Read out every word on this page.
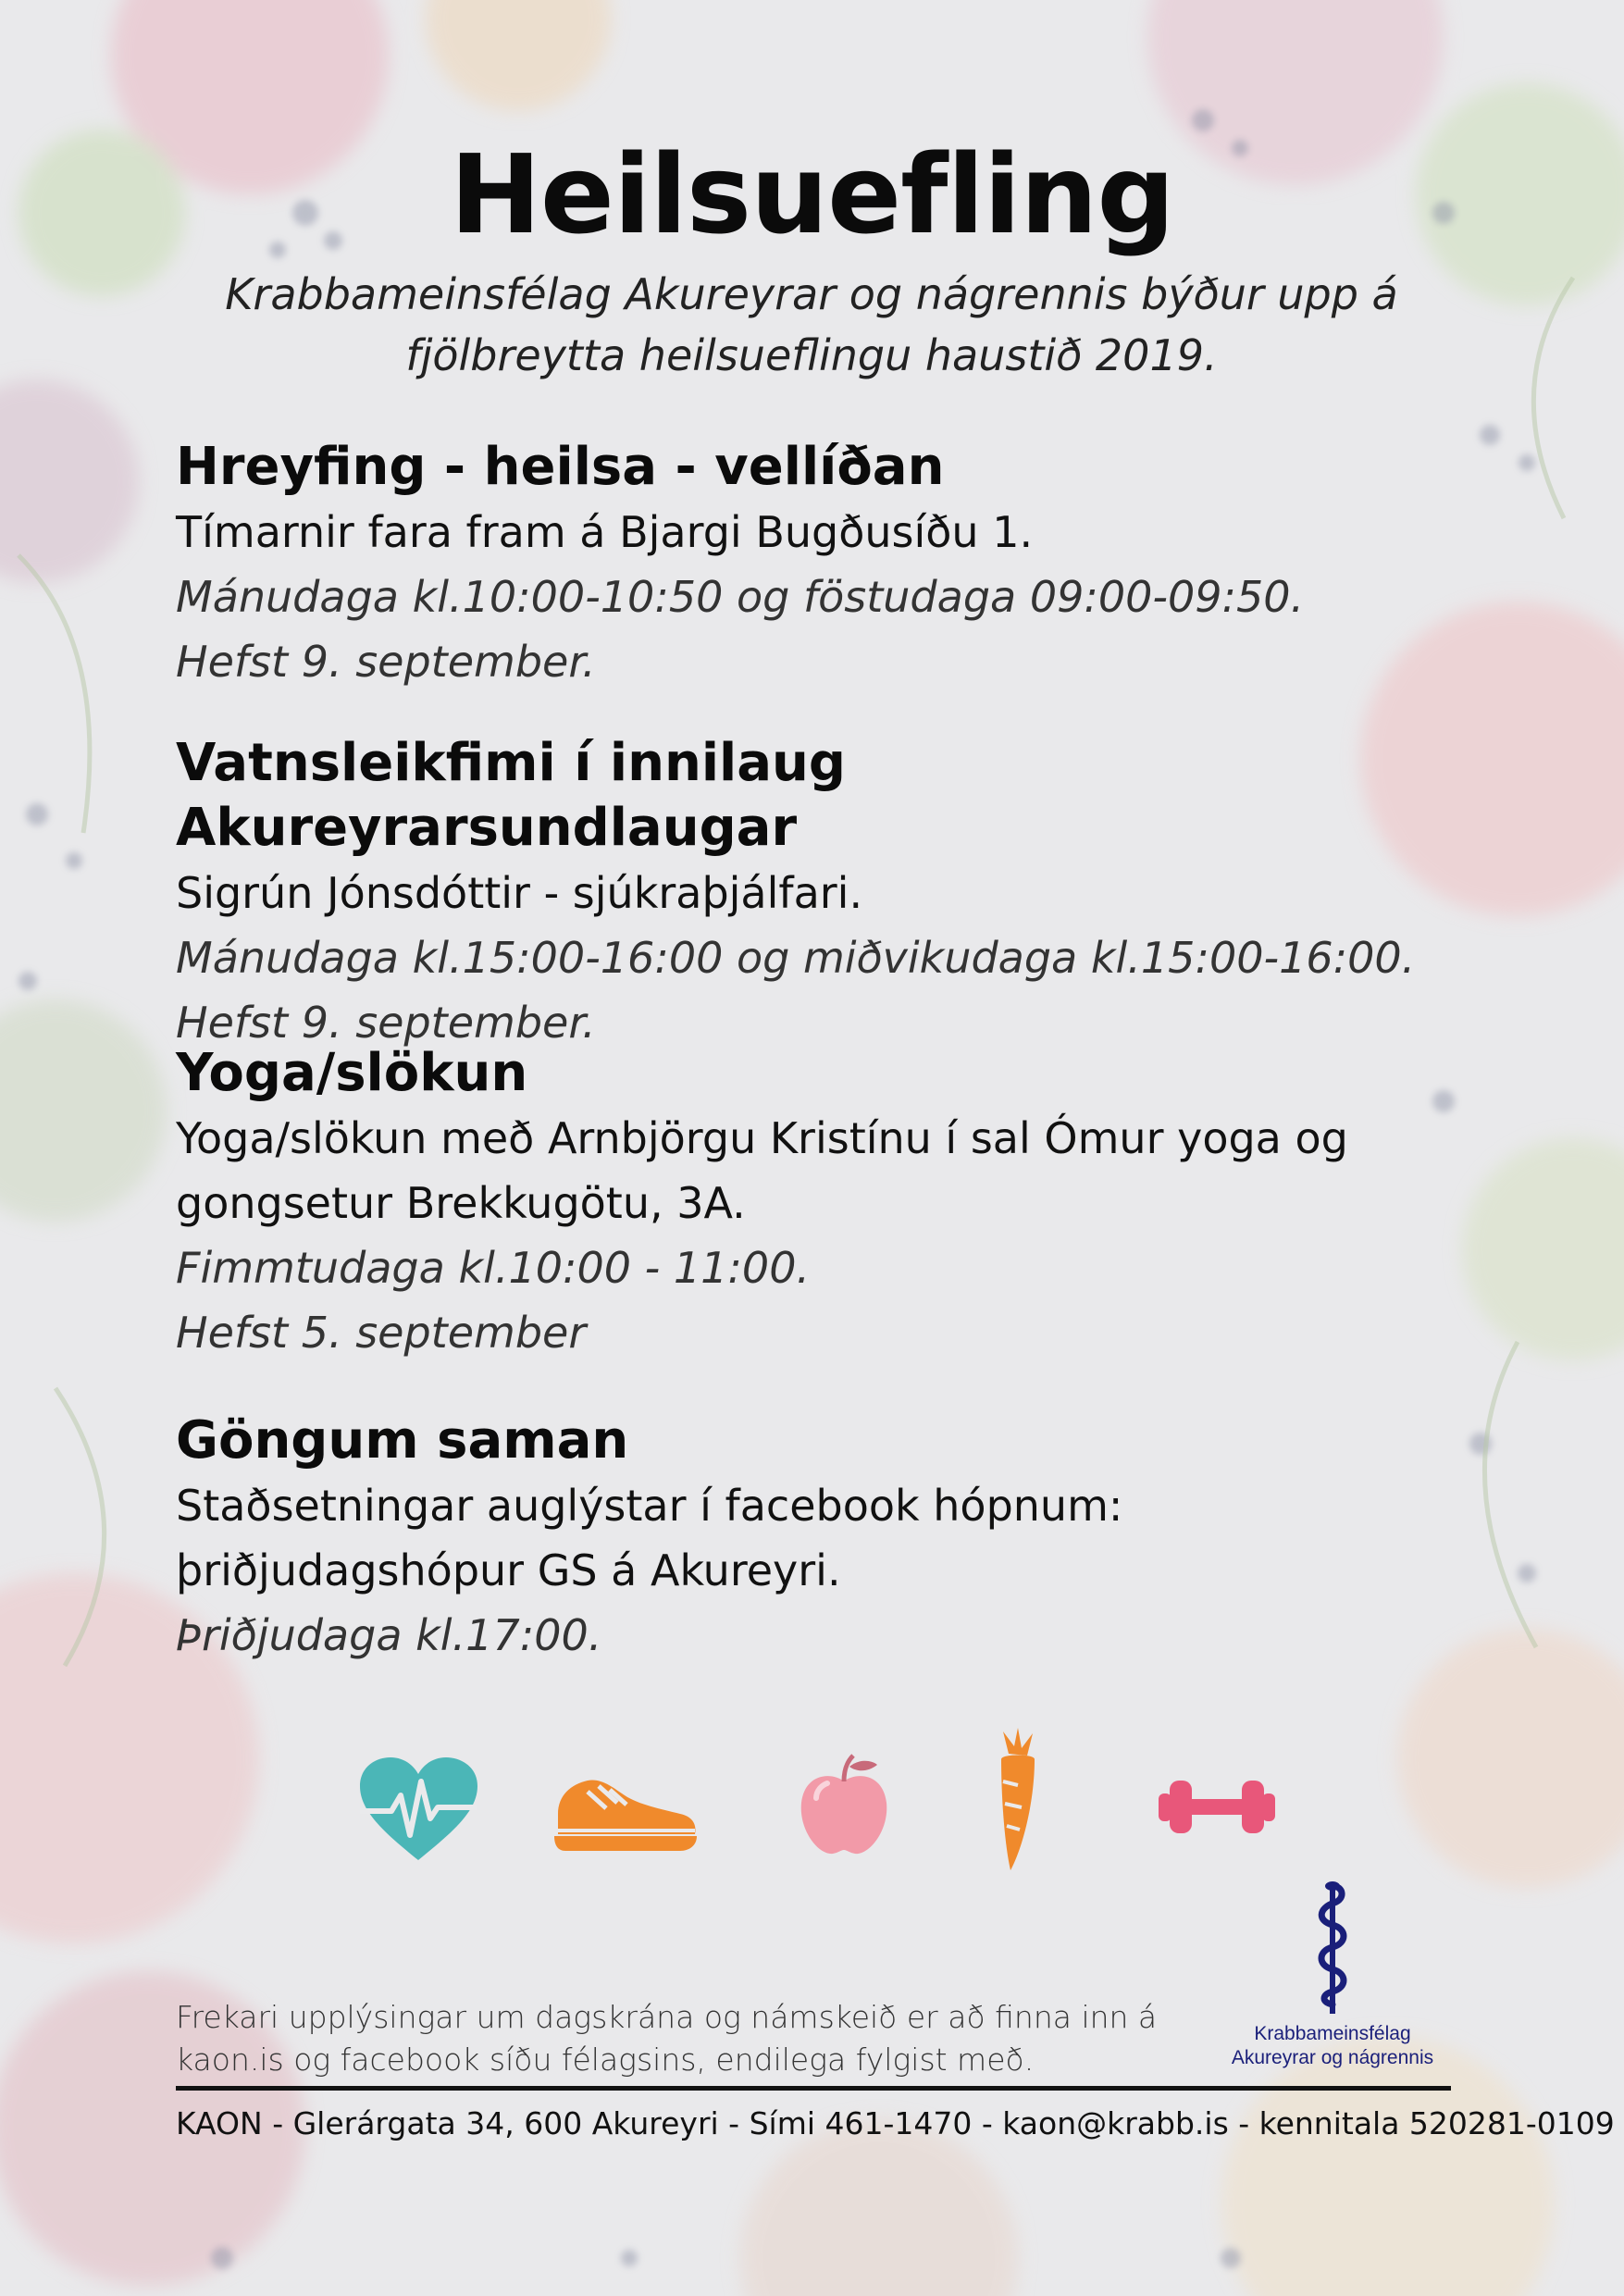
Heilsuefling
Krabbameinsfélag Akureyrar og nágrennis býður upp á fjölbreytta heilsueflingu haustið 2019.
Hreyfing - heilsa - vellíðan
Tímarnir fara fram á Bjargi Bugðusíðu 1.
Mánudaga kl.10:00-10:50 og föstudaga 09:00-09:50.
Hefst 9. september.
Vatnsleikfimi í innilaug Akureyrarsundlaugar
Sigrún Jónsdóttir - sjúkraþjálfari.
Mánudaga kl.15:00-16:00 og miðvikudaga kl.15:00-16:00.
Hefst 9. september.
Yoga/slökun
Yoga/slökun með Arnbjörgu Kristínu í sal Ómur yoga og gongsetur Brekkugötu, 3A.
Fimmtudaga kl.10:00 - 11:00.
Hefst 5. september
Göngum saman
Staðsetningar auglýstar í facebook hópnum: þriðjudagshópur GS á Akureyri.
Þriðjudaga kl.17:00.
Krabbameinsfélag
Akureyrar og nágrennis
Frekari upplýsingar um dagskrána og námskeið er að finna inn á kaon.is og facebook síðu félagsins, endilega fylgist með.
KAON - Glerárgata 34, 600 Akureyri - Sími 461-1470 - kaon@krabb.is - kennitala 520281-0109
